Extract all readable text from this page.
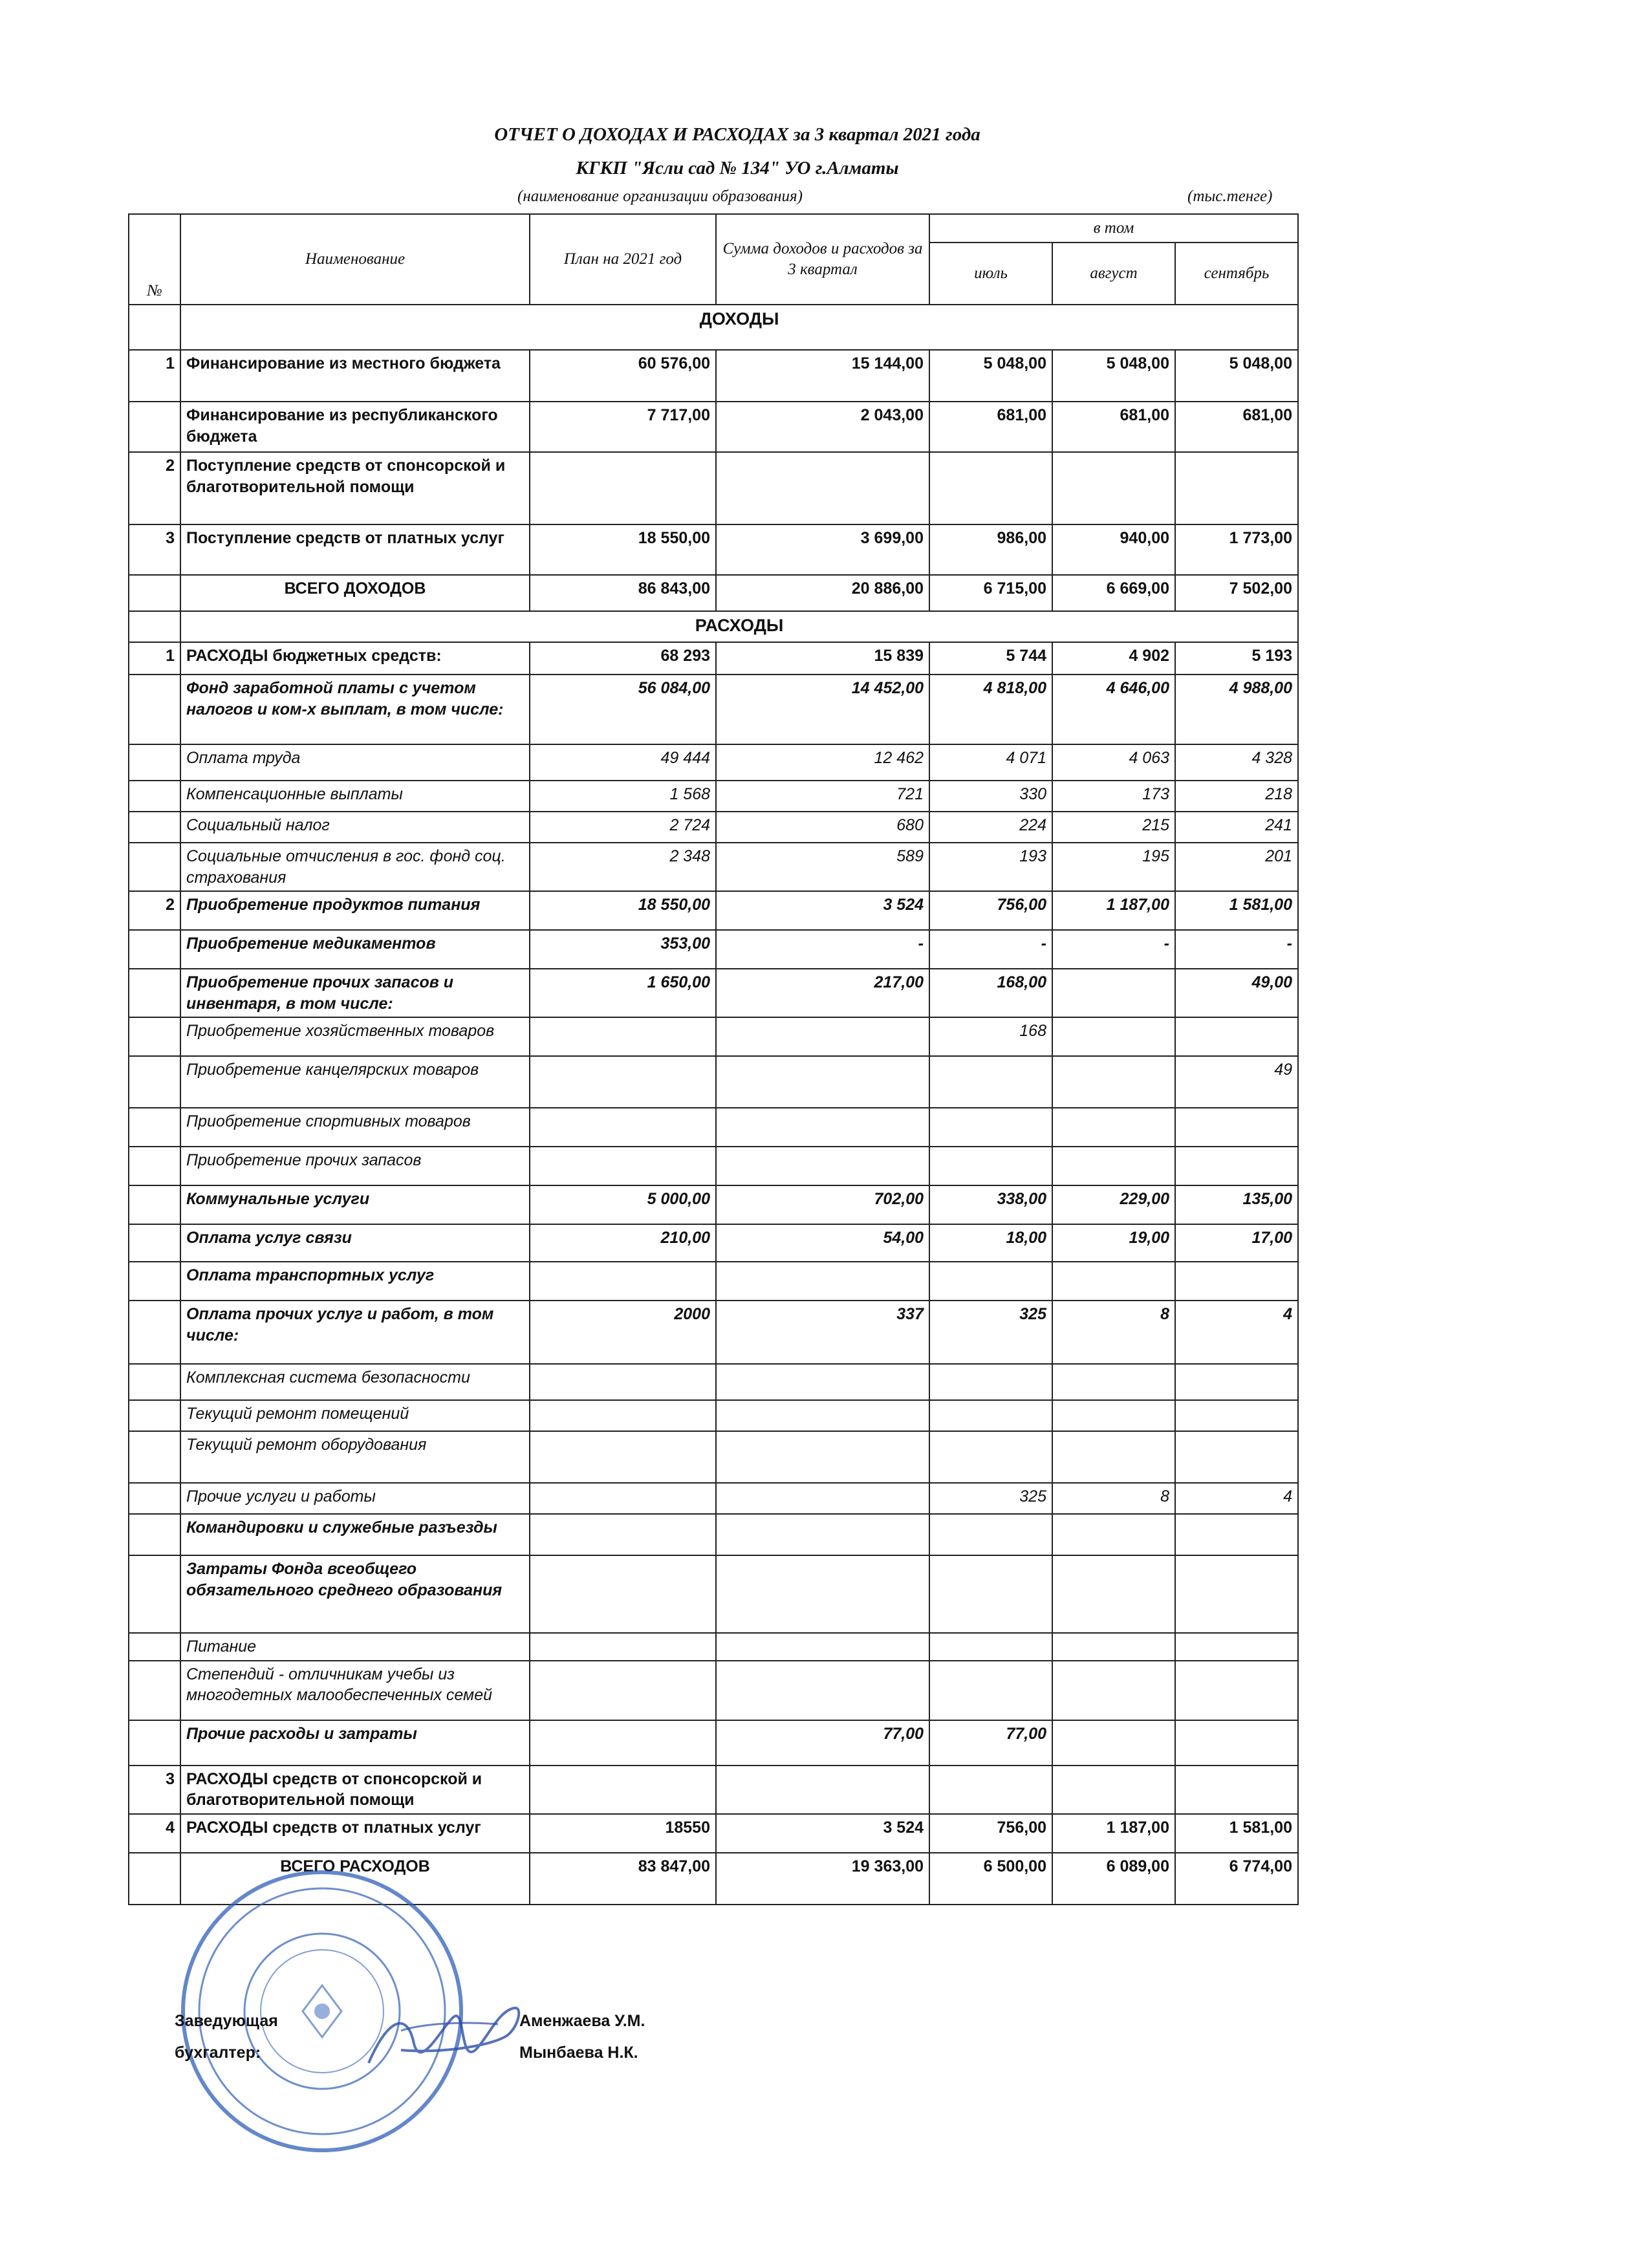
ОТЧЕТ О ДОХОДАХ И РАСХОДАХ за 3 квартал 2021 года
КГКП "Ясли сад № 134" УО г.Алматы
(наименование организации образования)	(тыс.тенге)
№	Наименование	План на 2021 год	Сумма доходов и расходов за 3 квартал	в том		
				июль	август	сентябрь
	ДОХОДЫ					
1	Финансирование из местного бюджета	60 576,00	15 144,00	5 048,00	5 048,00	5 048,00
	Финансирование из республиканского бюджета	7 717,00	2 043,00	681,00	681,00	681,00
2	Поступление средств от спонсорской и благотворительной помощи					
3	Поступление средств от платных услуг	18 550,00	3 699,00	986,00	940,00	1 773,00
	ВСЕГО ДОХОДОВ	86 843,00	20 886,00	6 715,00	6 669,00	7 502,00
	РАСХОДЫ					
1	РАСХОДЫ бюджетных средств:	68 293	15 839	5 744	4 902	5 193
	Фонд заработной платы с учетом налогов и ком-х выплат, в том числе:	56 084,00	14 452,00	4 818,00	4 646,00	4 988,00
	Оплата труда	49 444	12 462	4 071	4 063	4 328
	Компенсационные выплаты	1 568	721	330	173	218
	Социальный налог	2 724	680	224	215	241
	Социальные отчисления в гос. фонд соц. страхования	2 348	589	193	195	201
2	Приобретение продуктов питания	18 550,00	3 524	756,00	1 187,00	1 581,00
	Приобретение медикаментов	353,00	-	-	-	-
	Приобретение прочих запасов и инвентаря, в том числе:	1 650,00	217,00	168,00		49,00
	Приобретение хозяйственных товаров			168		
	Приобретение канцелярских товаров					49
	Приобретение спортивных товаров					
	Приобретение прочих запасов					
	Коммунальные услуги	5 000,00	702,00	338,00	229,00	135,00
	Оплата услуг связи	210,00	54,00	18,00	19,00	17,00
	Оплата транспортных услуг					
	Оплата прочих услуг и работ, в том числе:	2000	337	325	8	4
	Комплексная система безопасности					
	Текущий ремонт помещений					
	Текущий ремонт оборудования					
	Прочие услуги и работы			325	8	4
	Командировки и служебные разъезды					
	Затраты Фонда всеобщего обязательного среднего образования					
	Питание					
	Степендий - отличникам учебы из многодетных малообеспеченных семей					
	Прочие расходы и затраты		77,00	77,00		
3	РАСХОДЫ средств от спонсорской и благотворительной помощи					
4	РАСХОДЫ средств от платных услуг	18550	3 524	756,00	1 187,00	1 581,00
	ВСЕГО РАСХОДОВ	83 847,00	19 363,00	6 500,00	6 089,00	6 774,00
Заведующая
бухгалтер:
Аменжаева У.М.
Мынбаева Н.К.
